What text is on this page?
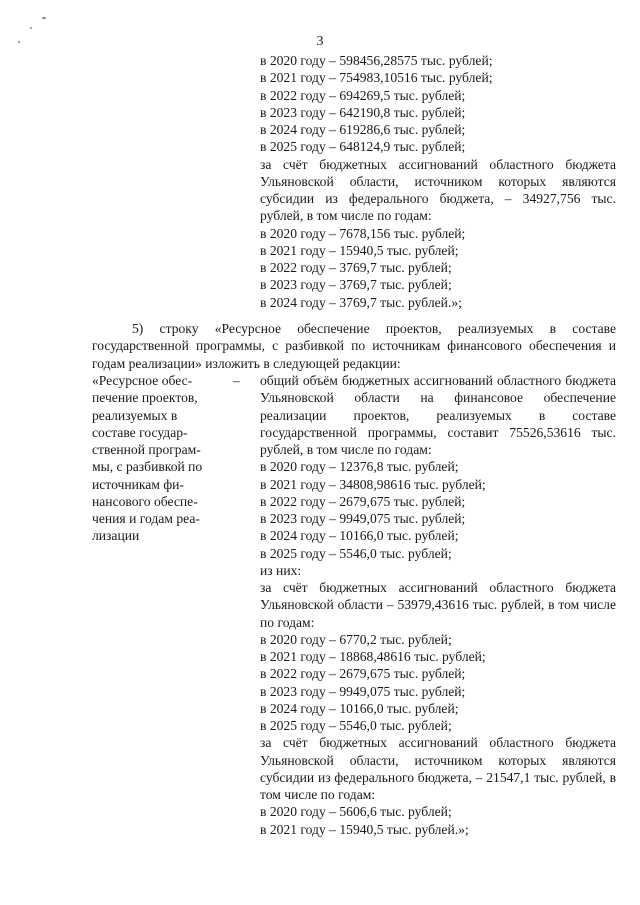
3
в 2020 году – 598456,28575 тыс. рублей;
в 2021 году – 754983,10516 тыс. рублей;
в 2022 году – 694269,5 тыс. рублей;
в 2023 году – 642190,8 тыс. рублей;
в 2024 году – 619286,6 тыс. рублей;
в 2025 году – 648124,9 тыс. рублей;
за счёт бюджетных ассигнований областного бюджета Ульяновской области, источником которых являются субсидии из федерального бюджета, – 34927,756 тыс. рублей, в том числе по годам:
в 2020 году – 7678,156 тыс. рублей;
в 2021 году – 15940,5 тыс. рублей;
в 2022 году – 3769,7 тыс. рублей;
в 2023 году – 3769,7 тыс. рублей;
в 2024 году – 3769,7 тыс. рублей.»;
5) строку «Ресурсное обеспечение проектов, реализуемых в составе государственной программы, с разбивкой по источникам финансового обеспечения и годам реализации» изложить в следующей редакции:
«Ресурсное обес-
печение проектов,
реализуемых в
составе государ-
ственной програм-
мы, с разбивкой по
источникам фи-
нансового обеспе-
чения и годам реа-
лизации
– общий объём бюджетных ассигнований областного бюджета Ульяновской области на финансовое обеспечение реализации проектов, реализуемых в составе государственной программы, составит 75526,53616 тыс. рублей, в том числе по годам:
в 2020 году – 12376,8 тыс. рублей;
в 2021 году – 34808,98616 тыс. рублей;
в 2022 году – 2679,675 тыс. рублей;
в 2023 году – 9949,075 тыс. рублей;
в 2024 году – 10166,0 тыс. рублей;
в 2025 году – 5546,0 тыс. рублей;
из них:
за счёт бюджетных ассигнований областного бюджета Ульяновской области – 53979,43616 тыс. рублей, в том числе по годам:
в 2020 году – 6770,2 тыс. рублей;
в 2021 году – 18868,48616 тыс. рублей;
в 2022 году – 2679,675 тыс. рублей;
в 2023 году – 9949,075 тыс. рублей;
в 2024 году – 10166,0 тыс. рублей;
в 2025 году – 5546,0 тыс. рублей;
за счёт бюджетных ассигнований областного бюджета Ульяновской области, источником которых являются субсидии из федерального бюджета, – 21547,1 тыс. рублей, в том числе по годам:
в 2020 году – 5606,6 тыс. рублей;
в 2021 году – 15940,5 тыс. рублей.»;
